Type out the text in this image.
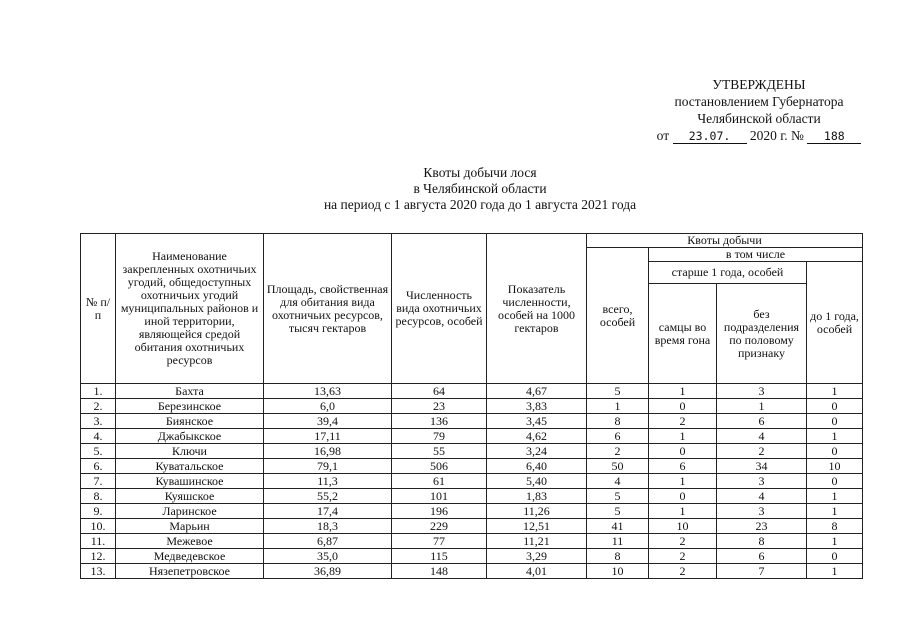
УТВЕРЖДЕНЫ
постановлением Губернатора
Челябинской области
от 23.07. 2020 г. № 188
Квоты добычи лося
в Челябинской области
на период с 1 августа 2020 года до 1 августа 2021 года
№ п/п	Наименование закрепленных охотничьих угодий, общедоступных охотничьих угодий муниципальных районов и иной территории, являющейся средой обитания охотничьих ресурсов	Площадь, свойственная для обитания вида охотничьих ресурсов, тысяч гектаров	Численность вида охотничьих ресурсов, особей	Показатель численности, особей на 1000 гектаров	Квоты добычи			
					всего, особей	в том числе		
						старше 1 года, особей		до 1 года, особей
						самцы во время гона	без подразделения по половому признаку	
1.	Бахта	13,63	64	4,67	5	1	3	1
2.	Березинское	6,0	23	3,83	1	0	1	0
3.	Биянское	39,4	136	3,45	8	2	6	0
4.	Джабыкское	17,11	79	4,62	6	1	4	1
5.	Ключи	16,98	55	3,24	2	0	2	0
6.	Куватальское	79,1	506	6,40	50	6	34	10
7.	Кувашинское	11,3	61	5,40	4	1	3	0
8.	Куяшское	55,2	101	1,83	5	0	4	1
9.	Ларинское	17,4	196	11,26	5	1	3	1
10.	Марьин	18,3	229	12,51	41	10	23	8
11.	Межевое	6,87	77	11,21	11	2	8	1
12.	Медведевское	35,0	115	3,29	8	2	6	0
13.	Нязепетровское	36,89	148	4,01	10	2	7	1
